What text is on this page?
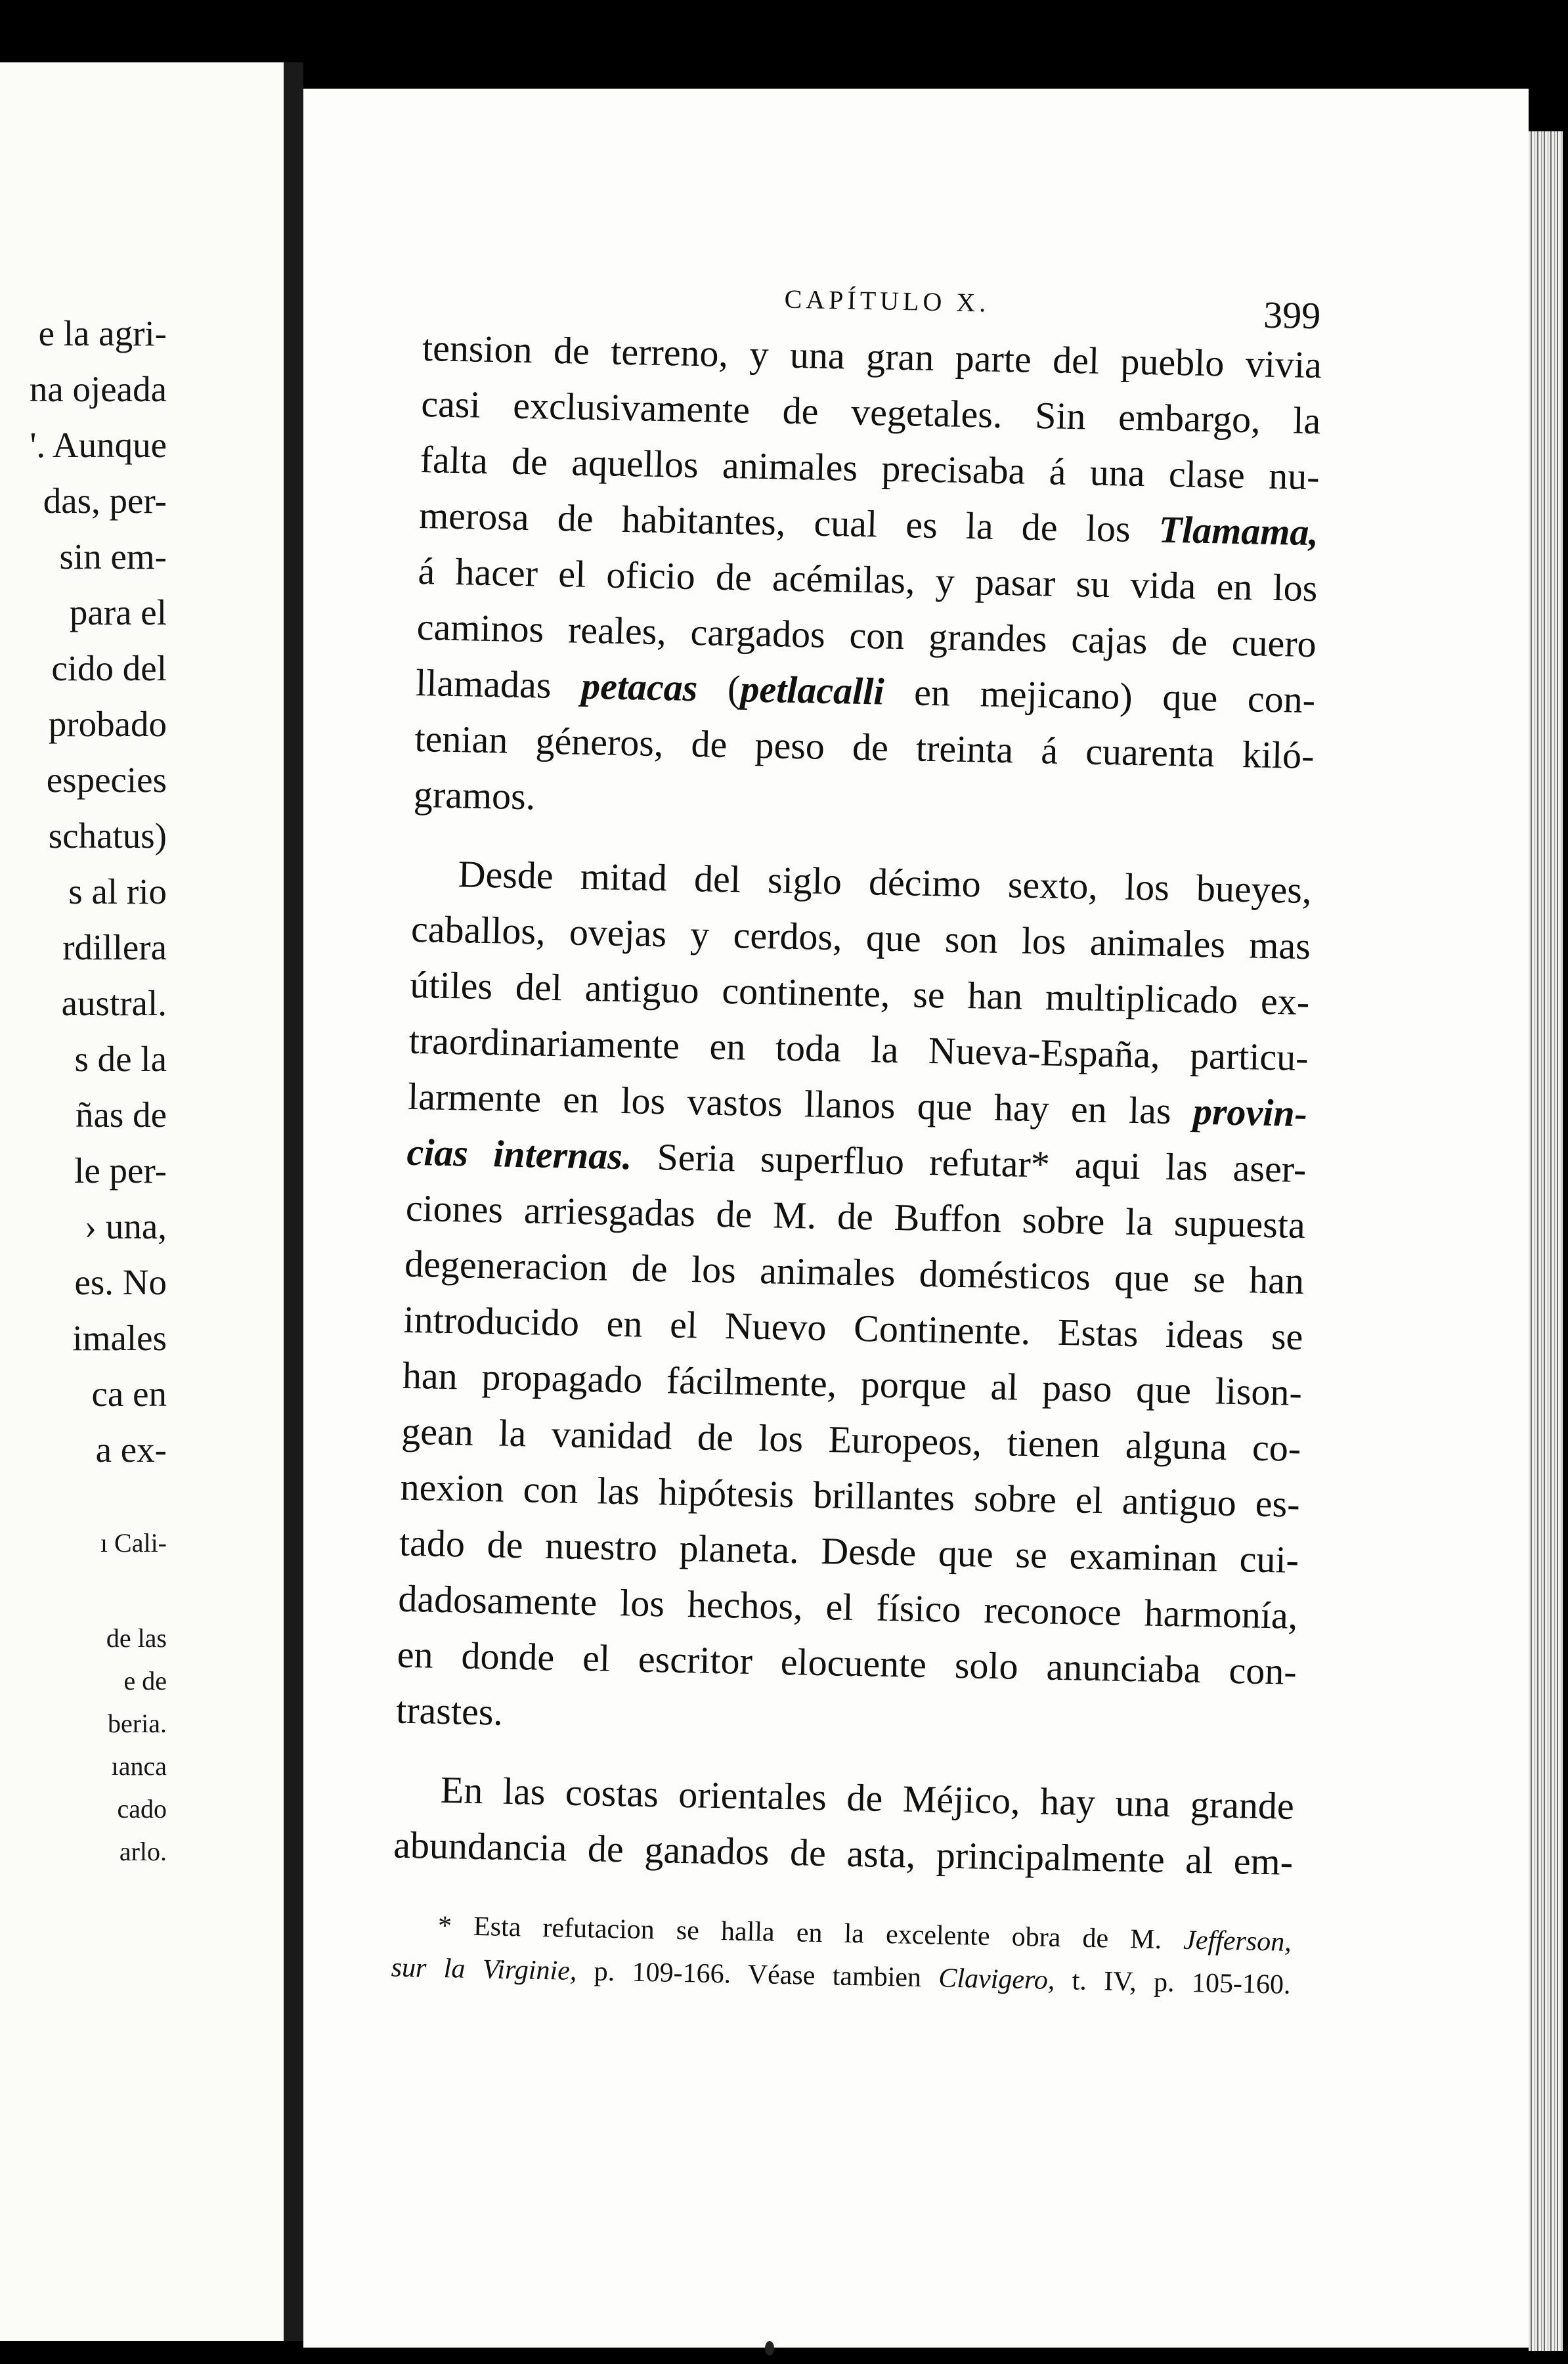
e la agri-
na ojeada
'. Aunque
das, per-
sin em-
para el
cido del
probado
especies
schatus)
s al rio
rdillera
austral.
s de la
ñas de
le per-
› una,
es. No
imales
ca en
a ex-
ı Cali-
de las
e de
beria.
ıanca
cado
arlo.
CAPÍTULO X.	399
tension de terreno, y una gran parte del pueblo vivia
casi exclusivamente de vegetales. Sin embargo, la
falta de aquellos animales precisaba á una clase nu-
merosa de habitantes, cual es la de los Tlamama,
á hacer el oficio de acémilas, y pasar su vida en los
caminos reales, cargados con grandes cajas de cuero
llamadas petacas (petlacalli en mejicano) que con-
tenian géneros, de peso de treinta á cuarenta kiló-
gramos.
Desde mitad del siglo décimo sexto, los bueyes,
caballos, ovejas y cerdos, que son los animales mas
útiles del antiguo continente, se han multiplicado ex-
traordinariamente en toda la Nueva-España, particu-
larmente en los vastos llanos que hay en las provin-
cias internas. Seria superfluo refutar* aqui las aser-
ciones arriesgadas de M. de Buffon sobre la supuesta
degeneracion de los animales domésticos que se han
introducido en el Nuevo Continente. Estas ideas se
han propagado fácilmente, porque al paso que lison-
gean la vanidad de los Europeos, tienen alguna co-
nexion con las hipótesis brillantes sobre el antiguo es-
tado de nuestro planeta. Desde que se examinan cui-
dadosamente los hechos, el físico reconoce harmonía,
en donde el escritor elocuente solo anunciaba con-
trastes.
En las costas orientales de Méjico, hay una grande
abundancia de ganados de asta, principalmente al em-
* Esta refutacion se halla en la excelente obra de M. Jefferson,
sur la Virginie, p. 109-166. Véase tambien Clavigero, t. IV, p. 105-160.
